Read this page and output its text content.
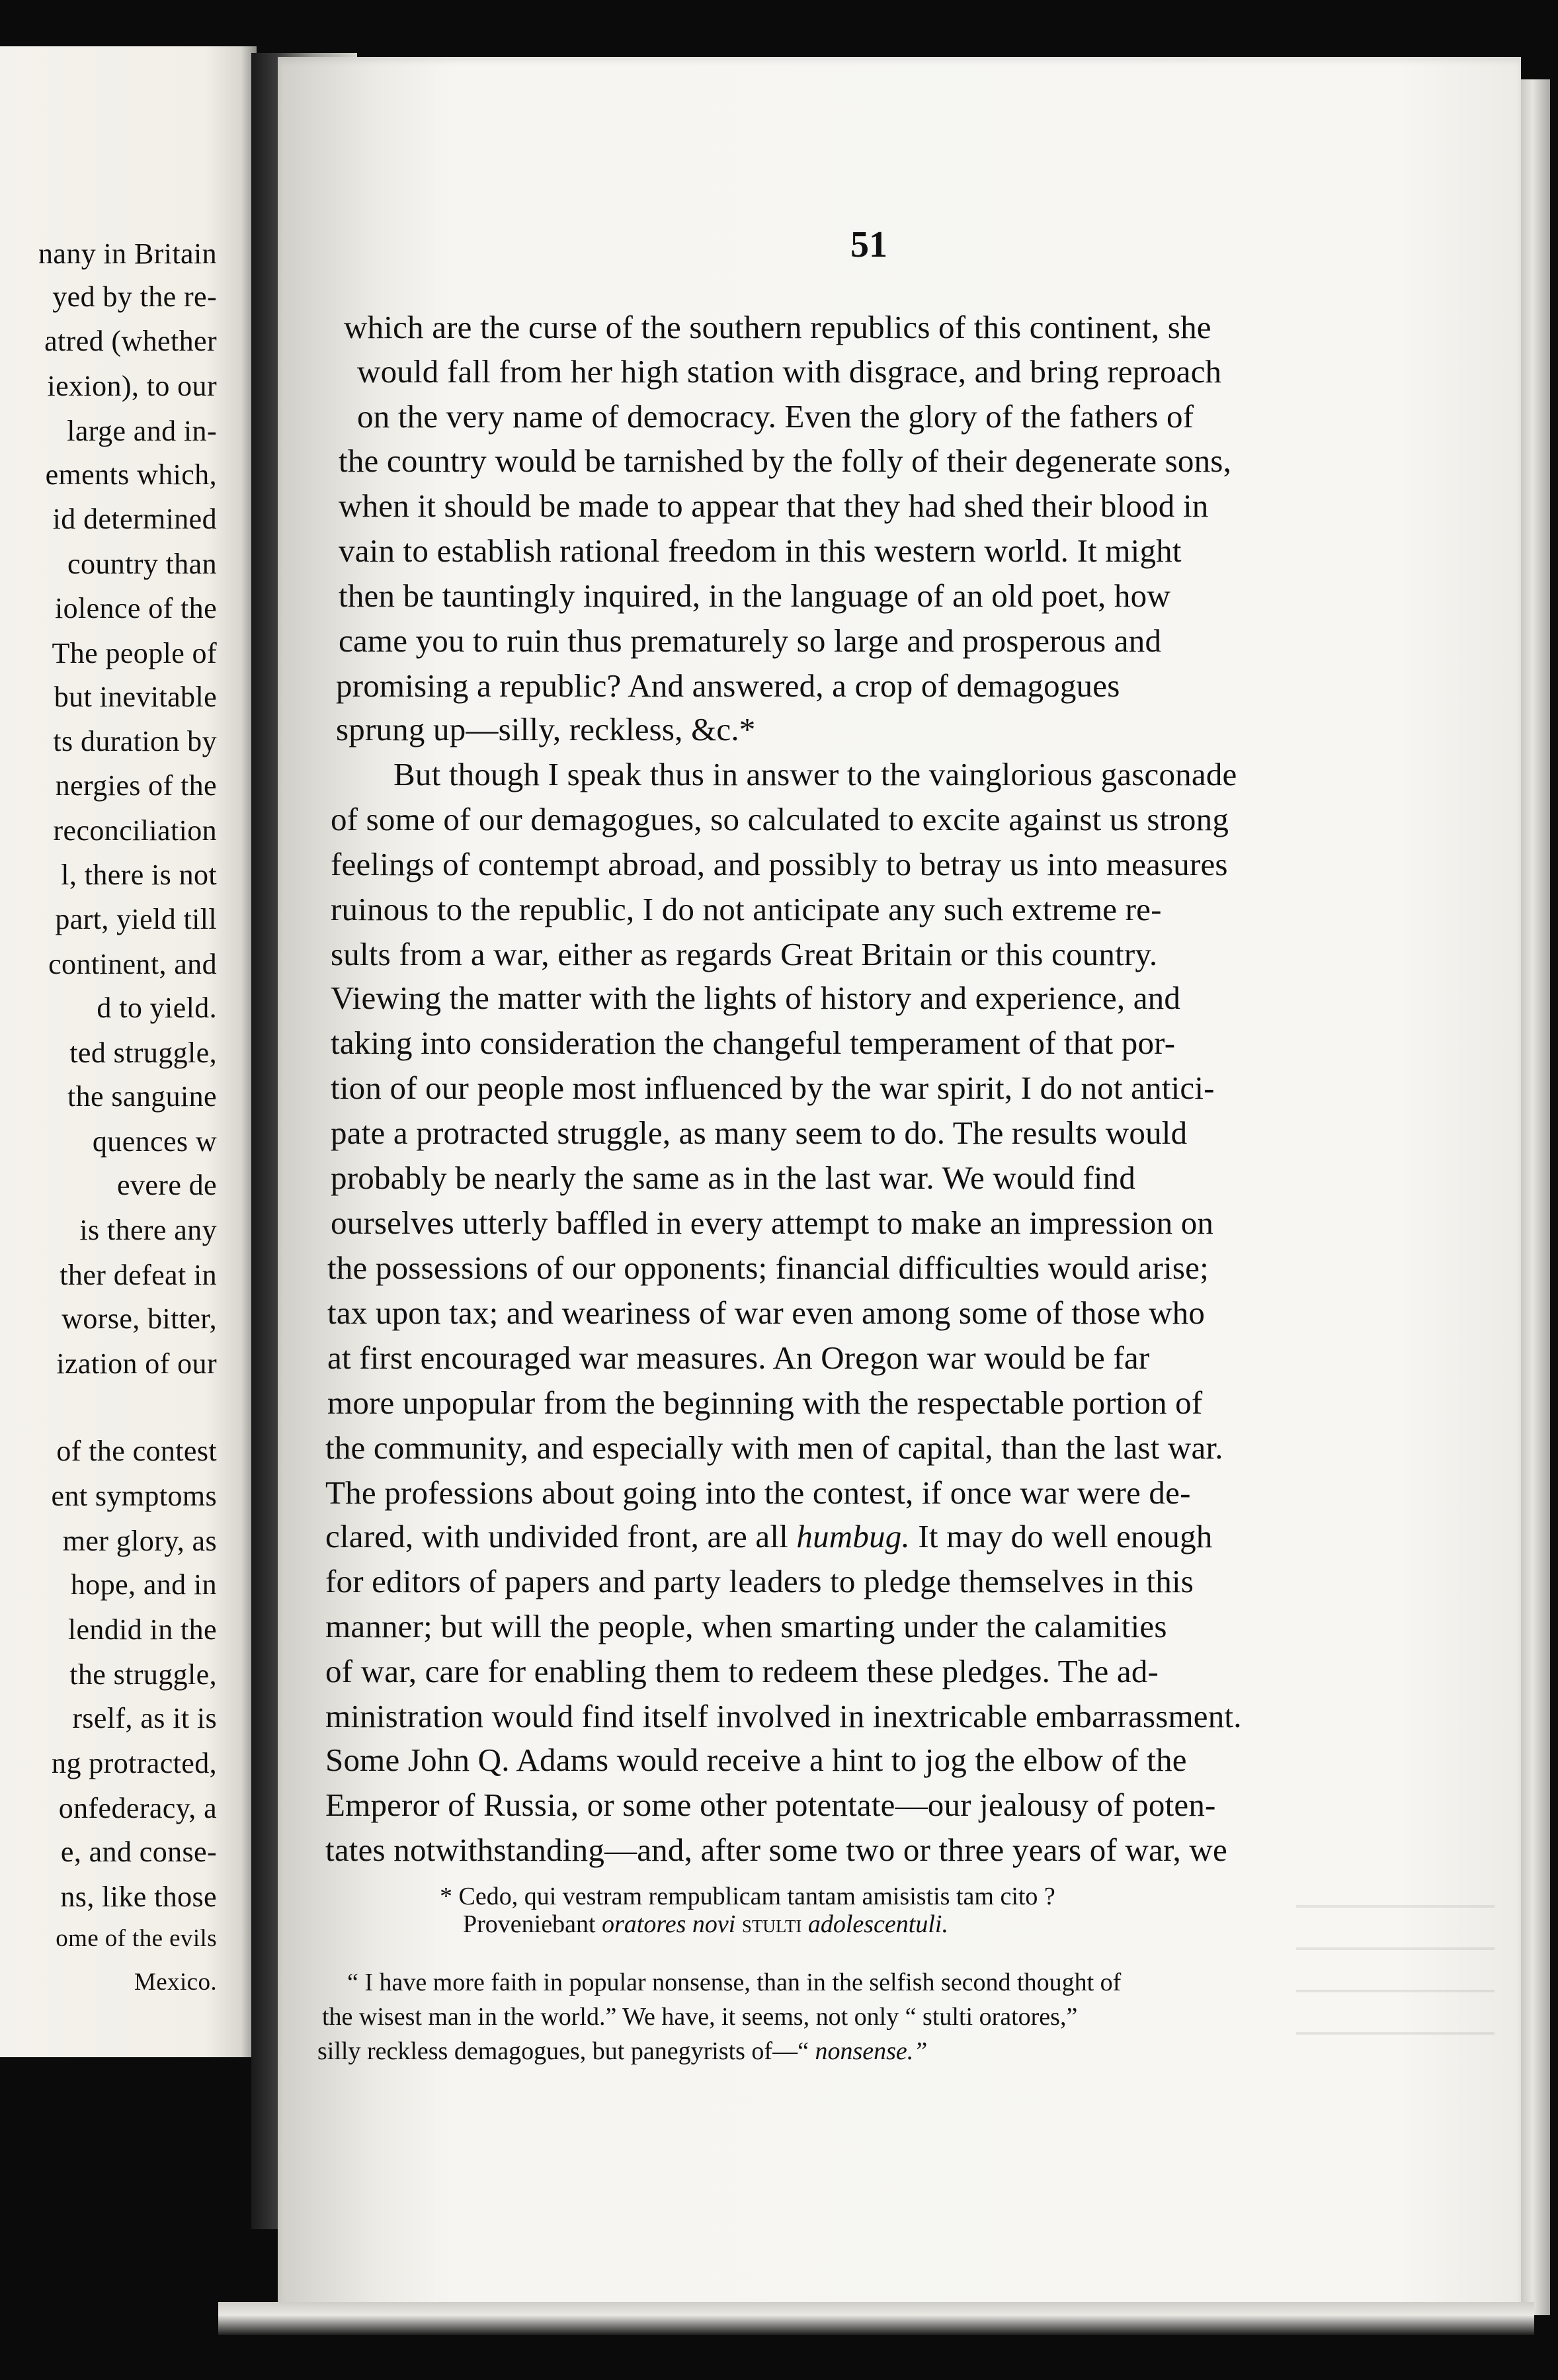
nany in Britain
yed by the re-
atred (whether
iexion), to our
large and in-
ements which,
id determined
country than
iolence of the
The people of
but inevitable
ts duration by
nergies of the
reconciliation
l, there is not
part, yield till
continent, and
d to yield.
ted struggle,
the sanguine
quences w
evere de
is there any
ther defeat in
worse, bitter,
ization of our
of the contest
ent symptoms
mer glory, as
hope, and in
lendid in the
the struggle,
rself, as it is
ng protracted,
onfederacy, a
e, and conse-
ns, like those
ome of the evils
Mexico.
51
which are the curse of the southern republics of this continent, she
would fall from her high station with disgrace, and bring reproach
on the very name of democracy. Even the glory of the fathers of
the country would be tarnished by the folly of their degenerate sons,
when it should be made to appear that they had shed their blood in
vain to establish rational freedom in this western world. It might
then be tauntingly inquired, in the language of an old poet, how
came you to ruin thus prematurely so large and prosperous and
promising a republic? And answered, a crop of demagogues
sprung up—silly, reckless, &c.*
But though I speak thus in answer to the vainglorious gasconade
of some of our demagogues, so calculated to excite against us strong
feelings of contempt abroad, and possibly to betray us into measures
ruinous to the republic, I do not anticipate any such extreme re-
sults from a war, either as regards Great Britain or this country.
Viewing the matter with the lights of history and experience, and
taking into consideration the changeful temperament of that por-
tion of our people most influenced by the war spirit, I do not antici-
pate a protracted struggle, as many seem to do. The results would
probably be nearly the same as in the last war. We would find
ourselves utterly baffled in every attempt to make an impression on
the possessions of our opponents; financial difficulties would arise;
tax upon tax; and weariness of war even among some of those who
at first encouraged war measures. An Oregon war would be far
more unpopular from the beginning with the respectable portion of
the community, and especially with men of capital, than the last war.
The professions about going into the contest, if once war were de-
clared, with undivided front, are all humbug. It may do well enough
for editors of papers and party leaders to pledge themselves in this
manner; but will the people, when smarting under the calamities
of war, care for enabling them to redeem these pledges. The ad-
ministration would find itself involved in inextricable embarrassment.
Some John Q. Adams would receive a hint to jog the elbow of the
Emperor of Russia, or some other potentate—our jealousy of poten-
tates notwithstanding—and, after some two or three years of war, we
* Cedo, qui vestram rempublicam tantam amisistis tam cito ?
Proveniebant oratores novi stulti adolescentuli.
“ I have more faith in popular nonsense, than in the selfish second thought of
the wisest man in the world.” We have, it seems, not only “ stulti oratores,”
silly reckless demagogues, but panegyrists of—“ nonsense.”
